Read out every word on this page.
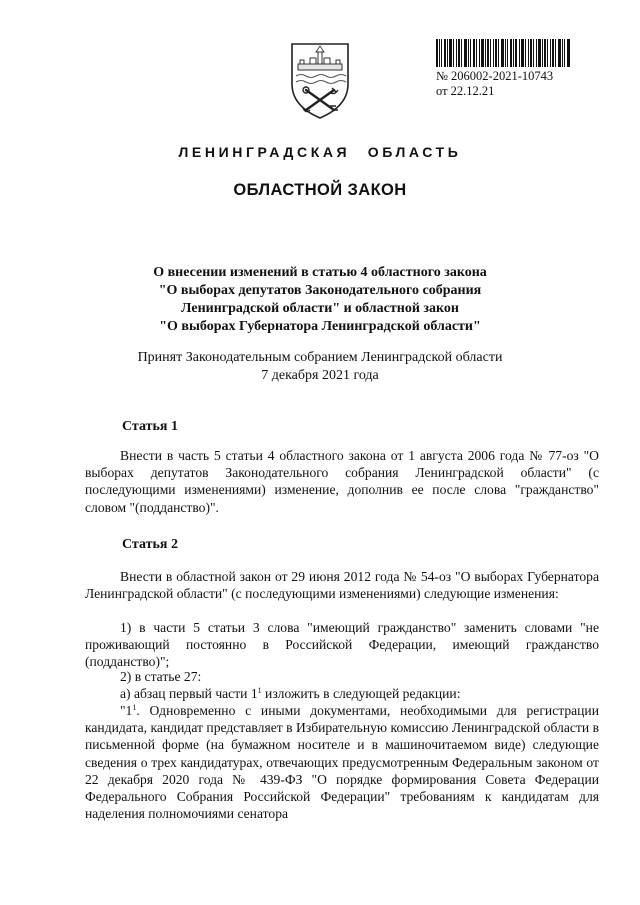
№ 206002-2021-10743
от 22.12.21
ЛЕНИНГРАДСКАЯ ОБЛАСТЬ
ОБЛАСТНОЙ ЗАКОН
О внесении изменений в статью 4 областного закона
"О выборах депутатов Законодательного собрания
Ленинградской области" и областной закон
"О выборах Губернатора Ленинградской области"
Принят Законодательным собранием Ленинградской области
7 декабря 2021 года
Статья 1
Внести в часть 5 статьи 4 областного закона от 1 августа 2006 года № 77-оз "О выборах депутатов Законодательного собрания Ленинградской области" (с последующими изменениями) изменение, дополнив ее после слова "гражданство" словом "(подданство)".
Статья 2
Внести в областной закон от 29 июня 2012 года № 54-оз "О выборах Губернатора Ленинградской области" (с последующими изменениями) следующие изменения:
1) в части 5 статьи 3 слова "имеющий гражданство" заменить словами "не проживающий постоянно в Российской Федерации, имеющий гражданство (подданство)";
2) в статье 27:
а) абзац первый части $1^1$ изложить в следующей редакции:
"$1^1$. Одновременно с иными документами, необходимыми для регистрации кандидата, кандидат представляет в Избирательную комиссию Ленинградской области в письменной форме (на бумажном носителе и в машиночитаемом виде) следующие сведения о трех кандидатурах, отвечающих предусмотренным Федеральным законом от 22 декабря 2020 года № 439-ФЗ "О порядке формирования Совета Федерации Федерального Собрания Российской Федерации" требованиям к кандидатам для наделения полномочиями сенатора
